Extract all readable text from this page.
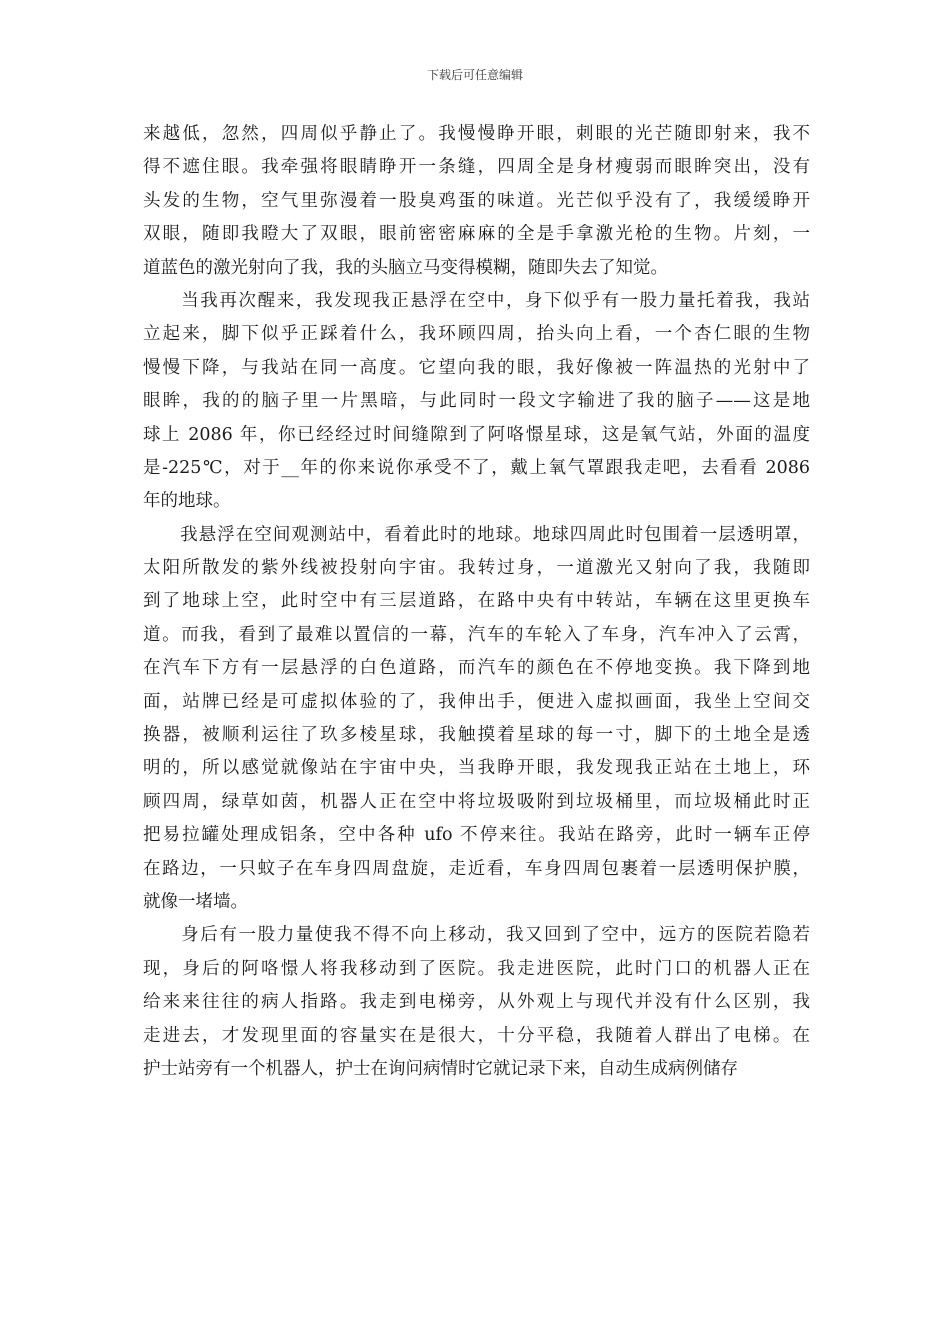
下载后可任意编辑
来越低，忽然，四周似乎静止了。我慢慢睁开眼，刺眼的光芒随即射来，我不
得不遮住眼。我牵强将眼睛睁开一条缝，四周全是身材瘦弱而眼眸突出，没有
头发的生物，空气里弥漫着一股臭鸡蛋的味道。光芒似乎没有了，我缓缓睁开
双眼，随即我瞪大了双眼，眼前密密麻麻的全是手拿激光枪的生物。片刻，一
道蓝色的激光射向了我，我的头脑立马变得模糊，随即失去了知觉。
　　当我再次醒来，我发现我正悬浮在空中，身下似乎有一股力量托着我，我站
立起来，脚下似乎正踩着什么，我环顾四周，抬头向上看，一个杏仁眼的生物
慢慢下降，与我站在同一高度。它望向我的眼，我好像被一阵温热的光射中了
眼眸，我的的脑子里一片黑暗，与此同时一段文字输进了我的脑子——这是地
球上 2086 年，你已经经过时间缝隙到了阿咯憬星球，这是氧气站，外面的温度
是-225℃，对于__年的你来说你承受不了，戴上氧气罩跟我走吧，去看看 2086
年的地球。
　　我悬浮在空间观测站中，看着此时的地球。地球四周此时包围着一层透明罩，
太阳所散发的紫外线被投射向宇宙。我转过身，一道激光又射向了我，我随即
到了地球上空，此时空中有三层道路，在路中央有中转站，车辆在这里更换车
道。而我，看到了最难以置信的一幕，汽车的车轮入了车身，汽车冲入了云霄，
在汽车下方有一层悬浮的白色道路，而汽车的颜色在不停地变换。我下降到地
面，站牌已经是可虚拟体验的了，我伸出手，便进入虚拟画面，我坐上空间交
换器，被顺利运往了玖多棱星球，我触摸着星球的每一寸，脚下的土地全是透
明的，所以感觉就像站在宇宙中央，当我睁开眼，我发现我正站在土地上，环
顾四周，绿草如茵，机器人正在空中将垃圾吸附到垃圾桶里，而垃圾桶此时正
把易拉罐处理成铝条，空中各种 ufo 不停来往。我站在路旁，此时一辆车正停
在路边，一只蚊子在车身四周盘旋，走近看，车身四周包裹着一层透明保护膜，
就像一堵墙。
　　身后有一股力量使我不得不向上移动，我又回到了空中，远方的医院若隐若
现，身后的阿咯憬人将我移动到了医院。我走进医院，此时门口的机器人正在
给来来往往的病人指路。我走到电梯旁，从外观上与现代并没有什么区别，我
走进去，才发现里面的容量实在是很大，十分平稳，我随着人群出了电梯。在
护士站旁有一个机器人，护士在询问病情时它就记录下来，自动生成病例储存
